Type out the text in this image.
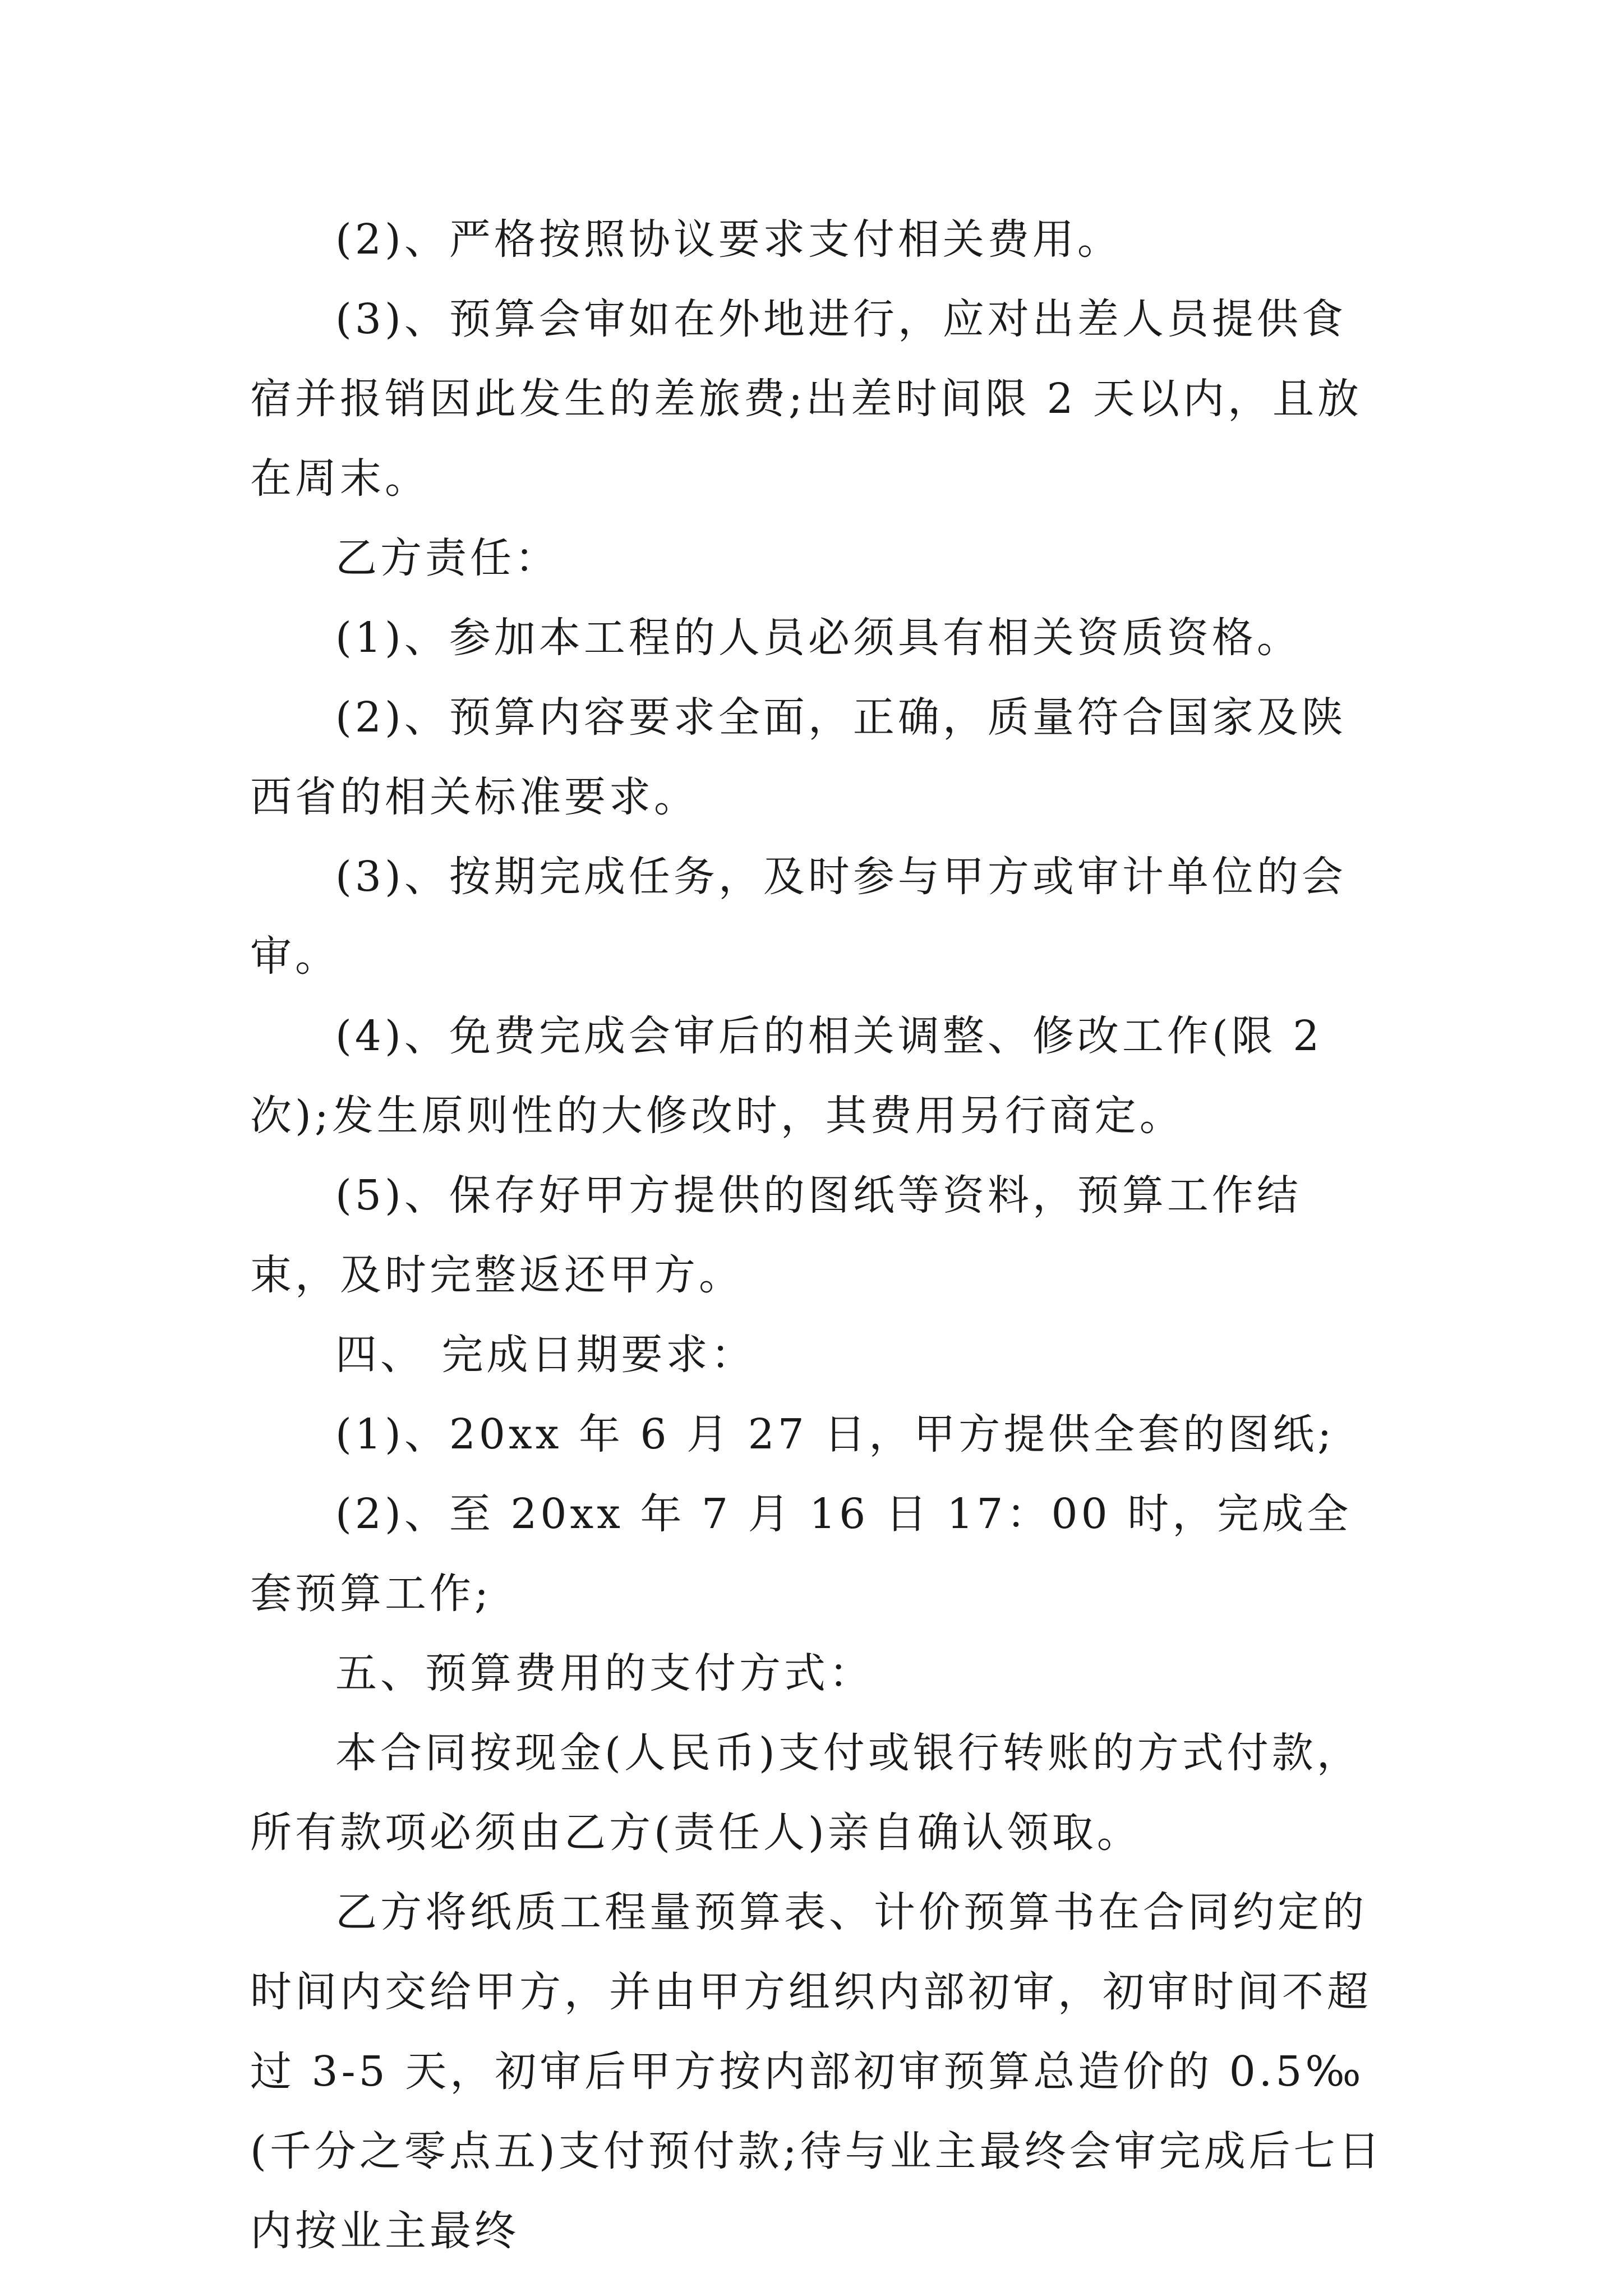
(2)、严格按照协议要求支付相关费用。

(3)、预算会审如在外地进行，应对出差人员提供食宿并报销因此发生的差旅费;出差时间限 2 天以内，且放在周末。

乙方责任：

(1)、参加本工程的人员必须具有相关资质资格。

(2)、预算内容要求全面，正确，质量符合国家及陕西省的相关标准要求。

(3)、按期完成任务，及时参与甲方或审计单位的会审。

(4)、免费完成会审后的相关调整、修改工作(限 2 次);发生原则性的大修改时，其费用另行商定。

(5)、保存好甲方提供的图纸等资料，预算工作结束，及时完整返还甲方。

四、 完成日期要求：

(1)、20xx 年 6 月 27 日，甲方提供全套的图纸;

(2)、至 20xx 年 7 月 16 日 17：00 时，完成全套预算工作;

五、预算费用的支付方式：

本合同按现金(人民币)支付或银行转账的方式付款，所有款项必须由乙方(责任人)亲自确认领取。

乙方将纸质工程量预算表、计价预算书在合同约定的时间内交给甲方，并由甲方组织内部初审，初审时间不超过 3-5 天，初审后甲方按内部初审预算总造价的 0.5‰(千分之零点五)支付预付款;待与业主最终会审完成后七日内按业主最终
